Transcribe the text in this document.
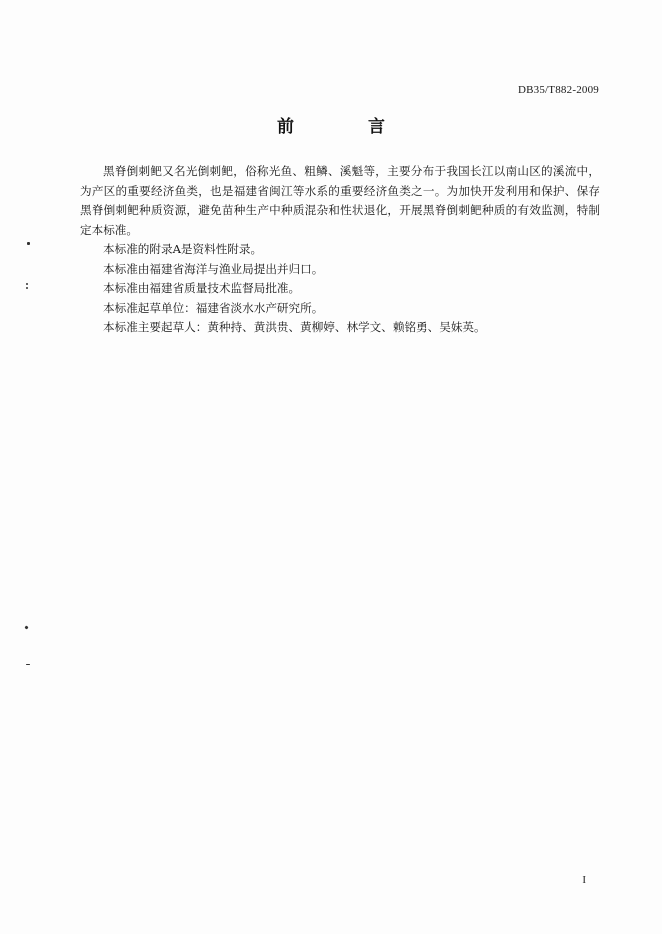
DB35/T882-2009
前 言

黑脊倒刺鲃又名光倒刺鲃，俗称光鱼、粗鳞、溪魁等，主要分布于我国长江以南山区的溪流中，为产区的重要经济鱼类，也是福建省闽江等水系的重要经济鱼类之一。为加快开发利用和保护、保存黑脊倒刺鲃种质资源，避免苗种生产中种质混杂和性状退化，开展黑脊倒刺鲃种质的有效监测，特制定本标准。

本标准的附录A是资料性附录。

本标准由福建省海洋与渔业局提出并归口。

本标准由福建省质量技术监督局批准。

本标准起草单位：福建省淡水水产研究所。

本标准主要起草人：黄种持、黄洪贵、黄柳婷、林学文、赖铭勇、吴妹英。

I
